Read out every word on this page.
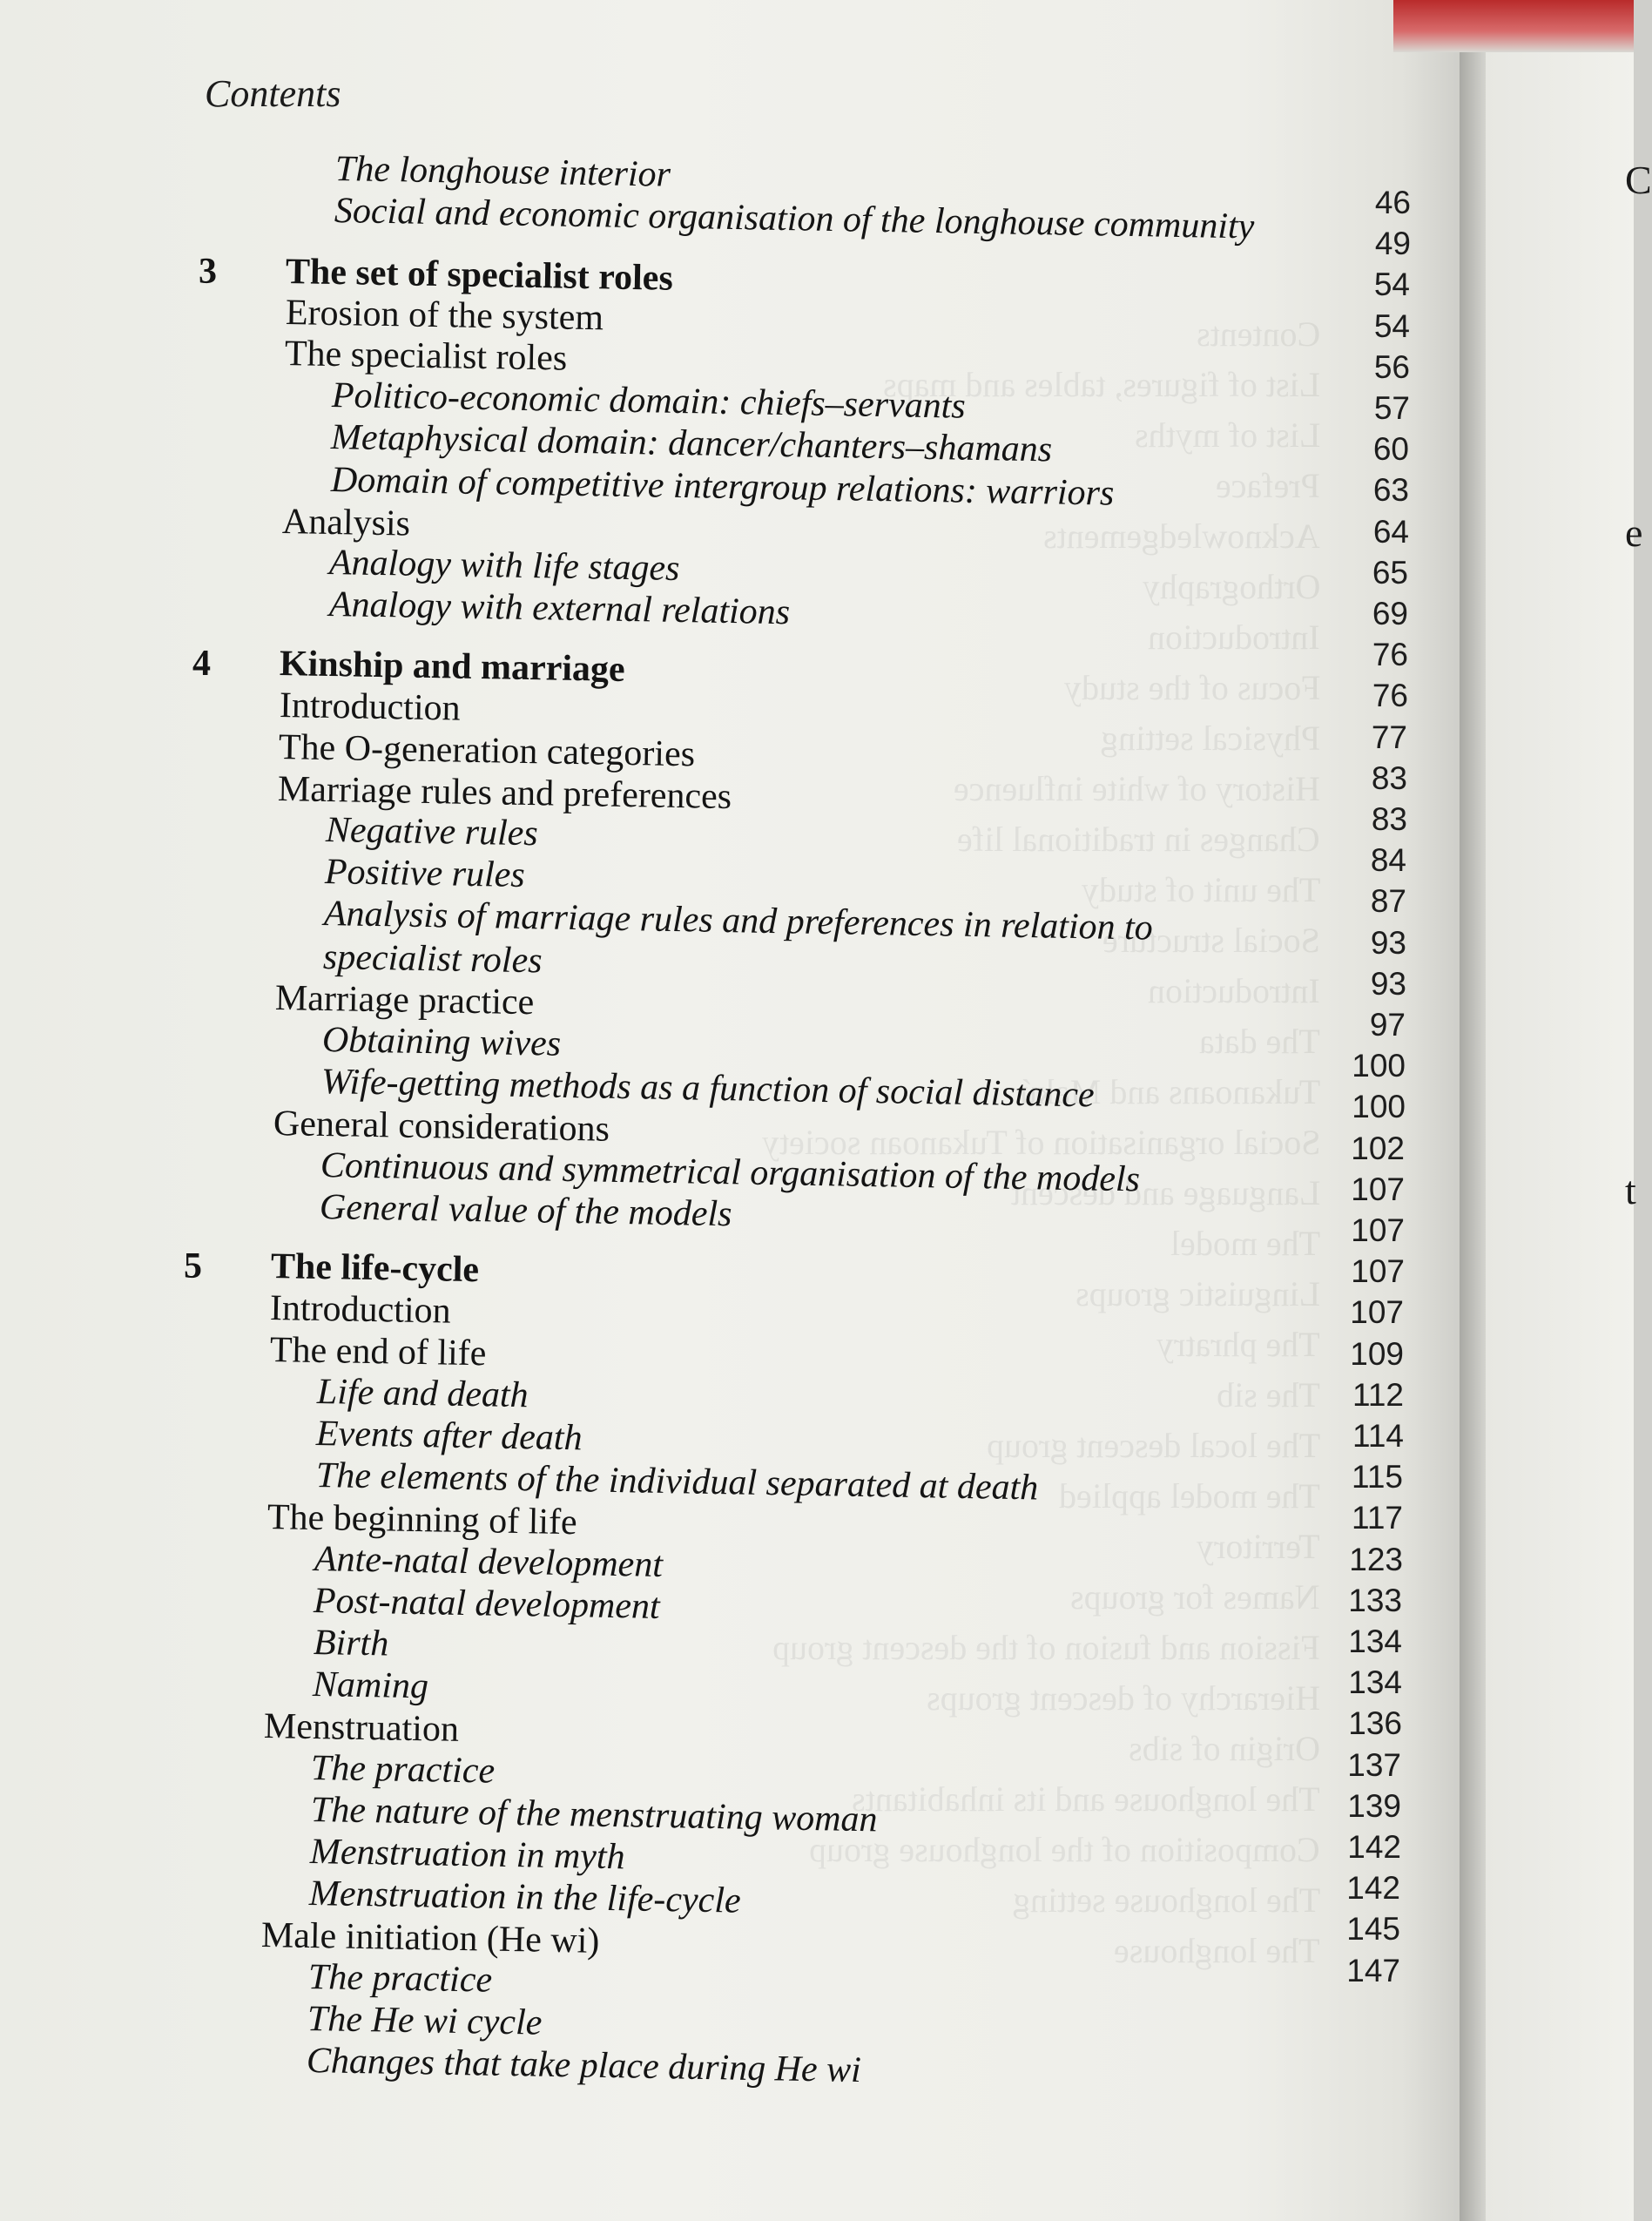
Contents
List of figures, tables and maps
List of myths
Preface
Acknowledgements
Orthography
Introduction
Focus of the study
Physical setting
History of white influence
Changes in traditional life
The unit of study
Social structure
Introduction
The data
Tukanoans and Makú
Social organisation of Tukanoan society
Language and descent
The model
Linguistic groups
The phratry
The sib
The local descent group
The model applied
Territory
Names for groups
Fission and fusion of the descent group
Hierarchy of descent groups
Origin of sibs
The longhouse and its inhabitants
Composition of the longhouse group
The longhouse setting
The longhouse
Contents
The longhouse interior
Social and economic organisation of the longhouse community
3 The set of specialist roles
Erosion of the system
The specialist roles
Politico-economic domain: chiefs–servants
Metaphysical domain: dancer/chanters–shamans
Domain of competitive intergroup relations: warriors
Analysis
Analogy with life stages
Analogy with external relations
4 Kinship and marriage
Introduction
The O-generation categories
Marriage rules and preferences
Negative rules
Positive rules
Analysis of marriage rules and preferences in relation to
specialist roles
Marriage practice
Obtaining wives
Wife-getting methods as a function of social distance
General considerations
Continuous and symmetrical organisation of the models
General value of the models
5 The life-cycle
Introduction
The end of life
Life and death
Events after death
The elements of the individual separated at death
The beginning of life
Ante-natal development
Post-natal development
Birth
Naming
Menstruation
The practice
The nature of the menstruating woman
Menstruation in myth
Menstruation in the life-cycle
Male initiation (He wi)
The practice
The He wi cycle
Changes that take place during He wi
46
49
54
54
56
57
60
63
64
65
69
76
76
77
83
83
84
87
93
93
97
100
100
102
107
107
107
107
109
112
114
115
117
123
133
134
134
136
137
139
142
142
145
147
C
e
t
